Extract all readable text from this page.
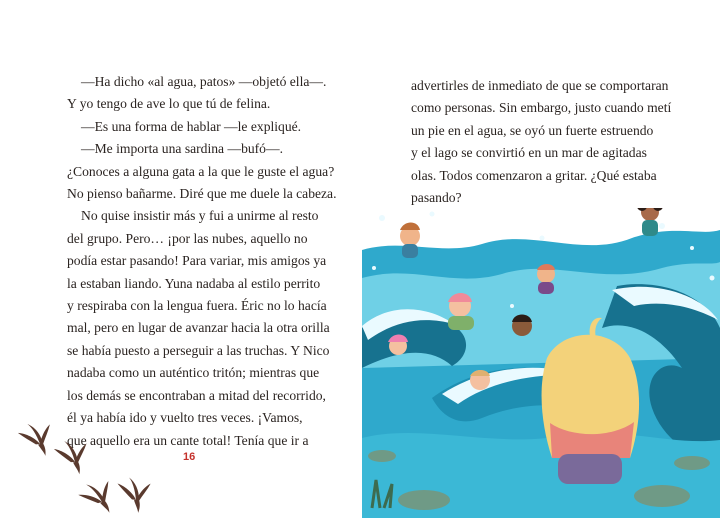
—Ha dicho «al agua, patos» —objetó ella—.

Y yo tengo de ave lo que tú de felina.

—Es una forma de hablar —le expliqué.

—Me importa una sardina —bufó—.

¿Conoces a alguna gata a la que le guste el agua?

No pienso bañarme. Diré que me duele la cabeza.

No quise insistir más y fui a unirme al resto

del grupo. Pero… ¡por las nubes, aquello no

podía estar pasando! Para variar, mis amigos ya

la estaban liando. Yuna nadaba al estilo perrito

y respiraba con la lengua fuera. Éric no lo hacía

mal, pero en lugar de avanzar hacia la otra orilla

se había puesto a perseguir a las truchas. Y Nico

nadaba como un auténtico tritón; mientras que

los demás se encontraban a mitad del recorrido,

él ya había ido y vuelto tres veces. ¡Vamos,

que aquello era un cante total! Tenía que ir a

16

advertirles de inmediato de que se comportaran

como personas. Sin embargo, justo cuando metí

un pie en el agua, se oyó un fuerte estruendo

y el lago se convirtió en un mar de agitadas

olas. Todos comenzaron a gritar. ¿Qué estaba

pasando?
